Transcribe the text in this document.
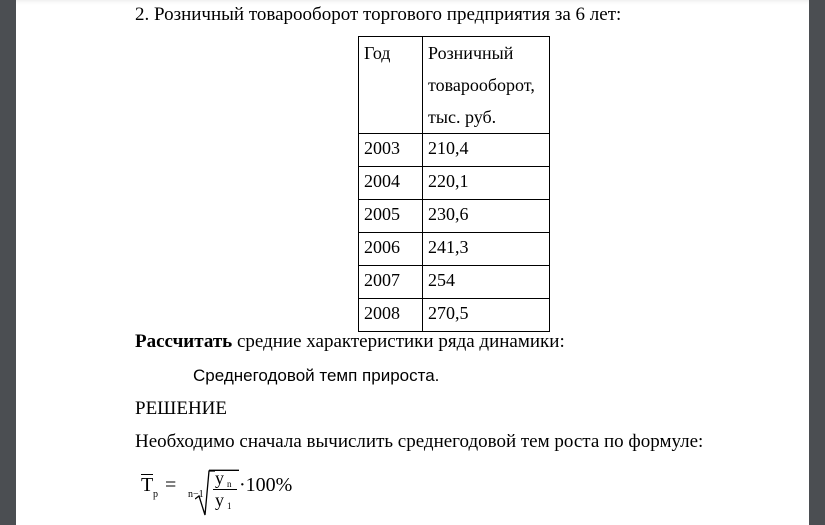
2. Розничный товарооборот торгового предприятия за 6 лет:
Год	Розничный
товарооборот,
тыс. руб.

2003	210,4
2004	220,1
2005	230,6
2006	241,3
2007	254
2008	270,5
Рассчитать средние характеристики ряда динамики:
Среднегодовой темп прироста.
РЕШЕНИЕ
Необходимо сначала вычислить среднегодовой тем роста по формуле:
T р = n−1
y n
y 1
·100%
